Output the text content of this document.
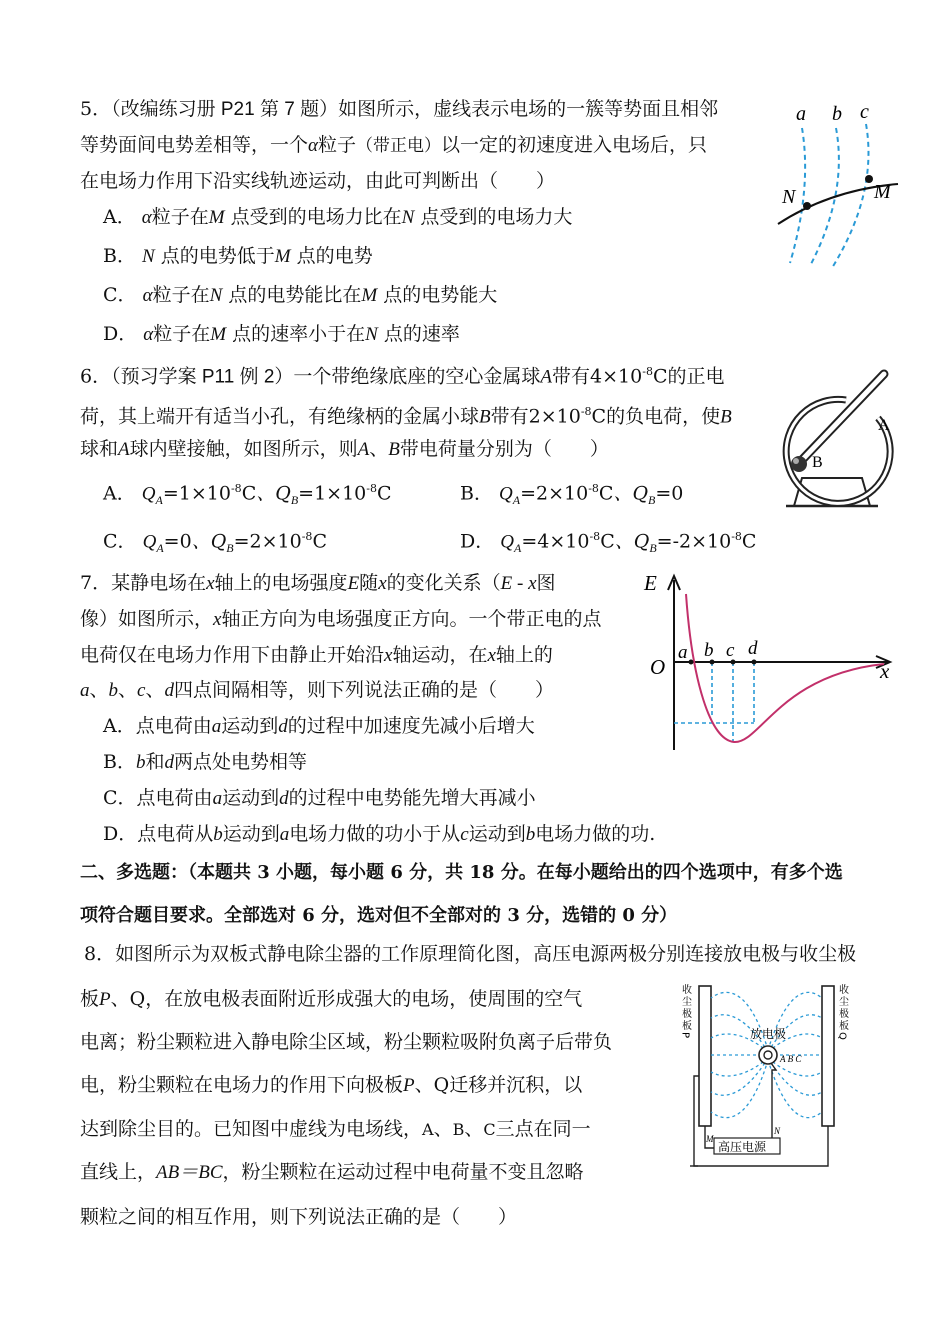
5．（改编练习册 P21 第 7 题）如图所示，虚线表示电场的一簇等势面且相邻
等势面间电势差相等，一个α粒子（带正电）以一定的初速度进入电场后，只
在电场力作用下沿实线轨迹运动，由此可判断出（　　）
A． α粒子在M 点受到的电场力比在N 点受到的电场力大
B． N 点的电势低于M 点的电势
C． α粒子在N 点的电势能比在M 点的电势能大
D． α粒子在M 点的速率小于在N 点的速率
a b c
N	M
6．（预习学案 P11 例 2）一个带绝缘底座的空心金属球A带有$4\times 10^{-8}C$的正电
荷，其上端开有适当小孔，有绝缘柄的金属小球B带有$2\times 10^{-8}C$的负电荷，使B
球和A球内壁接触，如图所示，则A、B带电荷量分别为（　　）
A． $Q_A=1\times 10^{-8}C$、$Q_B=1\times 10^{-8}C$	B． $Q_A=2\times 10^{-8}C$、$Q_B=0$
C． $Q_A=0$、$Q_B=2\times 10^{-8}C$	D． $Q_A=4\times 10^{-8}C$、$Q_B=-2\times 10^{-8}C$
A
B
7．某静电场在x轴上的电场强度E随x的变化关系（E - x图
像）如图所示，x轴正方向为电场强度正方向。一个带正电的点
电荷仅在电场力作用下由静止开始沿x轴运动，在x轴上的
a、b、c、d四点间隔相等，则下列说法正确的是（　　）
A．点电荷由a运动到d的过程中加速度先减小后增大
B．b和d两点处电势相等
C．点电荷由a运动到d的过程中电势能先增大再减小
D．点电荷从b运动到a电场力做的功小于从c运动到b电场力做的功.
E
O	x
a b c d
二、多选题：（本题共 3 小题，每小题 6 分，共 18 分。在每小题给出的四个选项中，有多个选
项符合题目要求。全部选对 6 分，选对但不全部对的 3 分，选错的 0 分）
8．如图所示为双板式静电除尘器的工作原理简化图，高压电源两极分别连接放电极与收尘极
板P、Q，在放电极表面附近形成强大的电场，使周围的空气
电离；粉尘颗粒进入静电除尘区域，粉尘颗粒吸附负离子后带负
电，粉尘颗粒在电场力的作用下向极板P、Q迁移并沉积，以
达到除尘目的。已知图中虚线为电场线，A、B、C三点在同一
直线上，AB＝BC，粉尘颗粒在运动过程中电荷量不变且忽略
颗粒之间的相互作用，则下列说法正确的是（　　）
高压电源
M
N
放电极
A B C
收尘极板P	收尘极板Q
